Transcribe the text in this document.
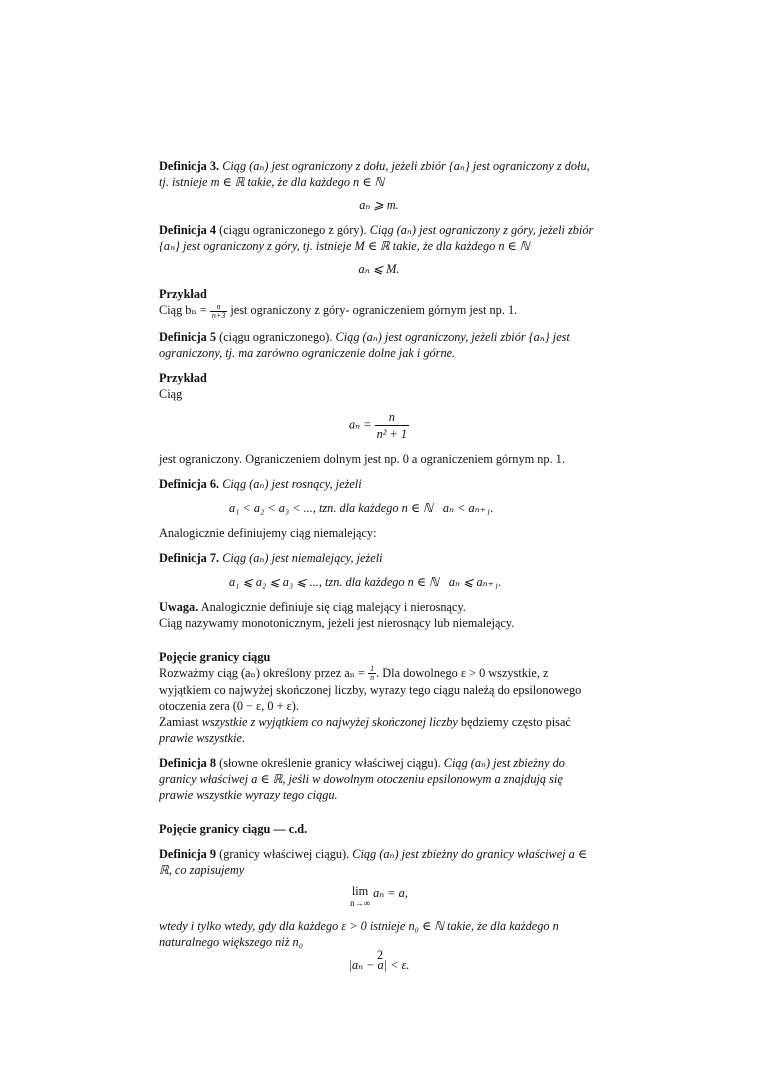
Definicja 3. Ciąg (aₙ) jest ograniczony z dołu, jeżeli zbiór {aₙ} jest ograniczony z dołu, tj. istnieje m ∈ ℝ takie, że dla każdego n ∈ ℕ

aₙ ⩾ m.

Definicja 4 (ciągu ograniczonego z góry). Ciąg (aₙ) jest ograniczony z góry, jeżeli zbiór {aₙ} jest ograniczony z góry, tj. istnieje M ∈ ℝ takie, że dla każdego n ∈ ℕ

aₙ ⩽ M.

Przykład

Ciąg $b_n = \frac{n}{n+3}$ jest ograniczony z góry- ograniczeniem górnym jest np. 1.

Definicja 5 (ciągu ograniczonego). Ciąg (aₙ) jest ograniczony, jeżeli zbiór {aₙ} jest ograniczony, tj. ma zarówno ograniczenie dolne jak i górne.

Przykład

Ciąg

$a_n = \frac{n}{\text{n² + 1}}$

jest ograniczony. Ograniczeniem dolnym jest np. 0 a ograniczeniem górnym np. 1.

Definicja 6. Ciąg (aₙ) jest rosnący, jeżeli

a₁ < a₂ < a₃ < ..., tzn. dla każdego n ∈ ℕ aₙ < aₙ₊₁.

Analogicznie definiujemy ciąg niemalejący:

Definicja 7. Ciąg (aₙ) jest niemalejący, jeżeli

a₁ ⩽ a₂ ⩽ a₃ ⩽ ..., tzn. dla każdego n ∈ ℕ aₙ ⩽ aₙ₊₁.

Uwaga. Analogicznie definiuje się ciąg malejący i nierosnący.

Ciąg nazywamy monotonicznym, jeżeli jest nierosnący lub niemalejący.

Pojęcie granicy ciągu

Rozważmy ciąg (aₙ) określony przez $a_n = \frac{1}{n}$ . Dla dowolnego ε > 0 wszystkie, z wyjątkiem co najwyżej skończonej liczby, wyrazy tego ciągu należą do epsilonowego otoczenia zera (0 − ε, 0 + ε).

Zamiast wszystkie z wyjątkiem co najwyżej skończonej liczby będziemy często pisać prawie wszystkie.

Definicja 8 (słowne określenie granicy właściwej ciągu). Ciąg (aₙ) jest zbieżny do granicy właściwej a ∈ ℝ, jeśli w dowolnym otoczeniu epsilonowym a znajdują się prawie wszystkie wyrazy tego ciągu.

Pojęcie granicy ciągu — c.d.

Definicja 9 (granicy właściwej ciągu). Ciąg (aₙ) jest zbieżny do granicy właściwej a ∈ ℝ, co zapisujemy

lim
n→∞
aₙ = a,

wtedy i tylko wtedy, gdy dla każdego ε > 0 istnieje n₀ ∈ ℕ takie, że dla każdego n naturalnego większego niż n₀

|aₙ − a| < ε.

2
